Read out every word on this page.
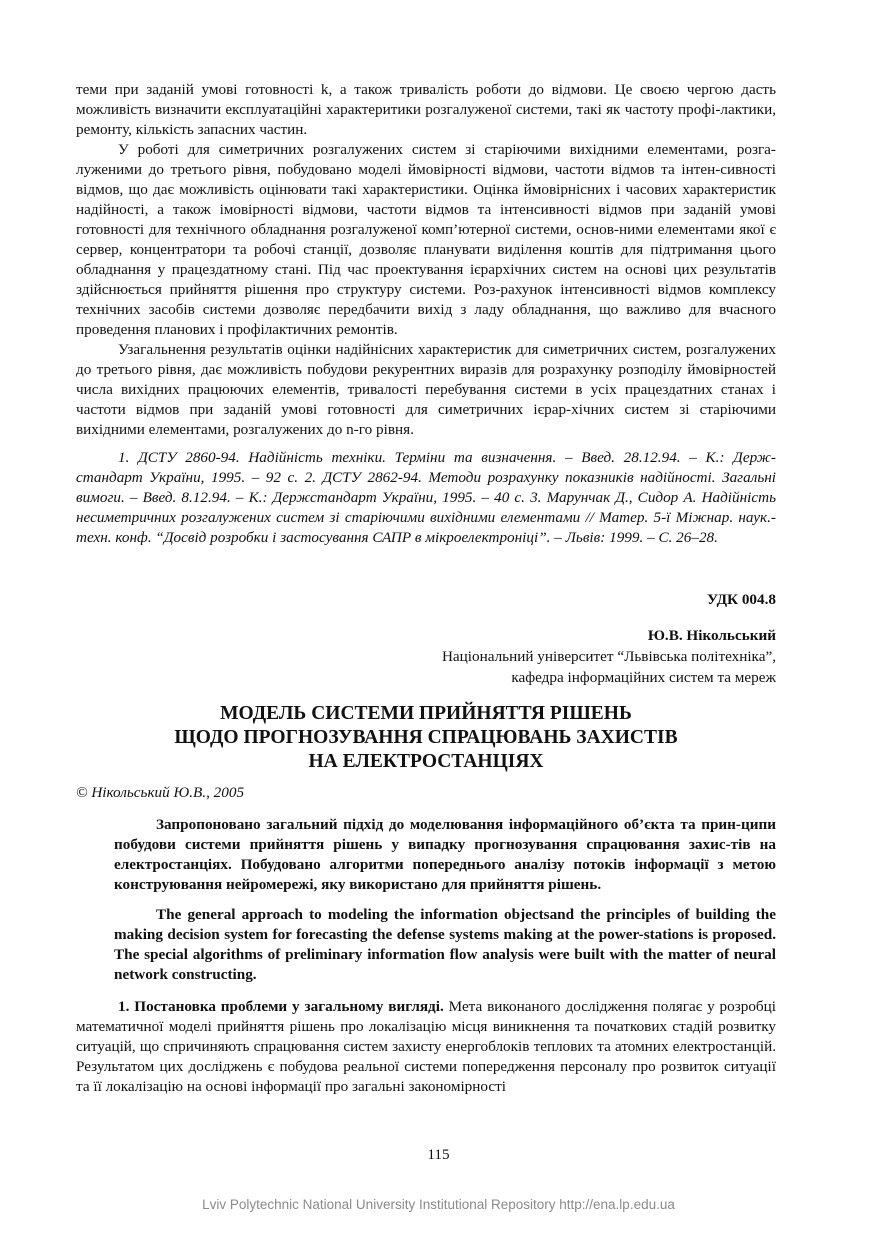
теми при заданій умові готовності k, а також тривалість роботи до відмови. Це своєю чергою дасть можливість визначити експлуатаційні характеритики розгалуженої системи, такі як частоту профі-лактики, ремонту, кількість запасних частин.

У роботі для симетричних розгалужених систем зі старіючими вихідними елементами, розга-луженими до третього рівня, побудовано моделі ймовірності відмови, частоти відмов та інтен-сивності відмов, що дає можливість оцінювати такі характеристики. Оцінка ймовірнісних і часових характеристик надійності, а також імовірності відмови, частоти відмов та інтенсивності відмов при заданій умові готовності для технічного обладнання розгалуженої комп’ютерної системи, основ-ними елементами якої є сервер, концентратори та робочі станції, дозволяє планувати виділення коштів для підтримання цього обладнання у працездатному стані. Під час проектування ієрархічних систем на основі цих результатів здійснюється прийняття рішення про структуру системи. Роз-рахунок інтенсивності відмов комплексу технічних засобів системи дозволяє передбачити вихід з ладу обладнання, що важливо для вчасного проведення планових і профілактичних ремонтів.

Узагальнення результатів оцінки надійнісних характеристик для симетричних систем, розгалужених до третього рівня, дає можливість побудови рекурентних виразів для розрахунку розподілу ймовірностей числа вихідних працюючих елементів, тривалості перебування системи в усіх працездатних станах і частоти відмов при заданій умові готовності для симетричних ієрар-хічних систем зі старіючими вихідними елементами, розгалужених до n-го рівня.

1. ДСТУ 2860-94. Надійність техніки. Терміни та визначення. – Введ. 28.12.94. – К.: Держ-стандарт України, 1995. – 92 с. 2. ДСТУ 2862-94. Методи розрахунку показників надійності. Загальні вимоги. – Введ. 8.12.94. – К.: Держстандарт України, 1995. – 40 с. 3. Марунчак Д., Сидор А. Надійність несиметричних розгалужених систем зі старіючими вихідними елементами // Матер. 5-ї Міжнар. наук.-техн. конф. “Досвід розробки і застосування САПР в мікроелектроніці”. – Львів: 1999. – С. 26–28.

УДК 004.8
Ю.В. Нікольський
Національний університет “Львівська політехніка”,
кафедра інформаційних систем та мереж
МОДЕЛЬ СИСТЕМИ ПРИЙНЯТТЯ РІШЕНЬ
ЩОДО ПРОГНОЗУВАННЯ СПРАЦЮВАНЬ ЗАХИСТІВ
НА ЕЛЕКТРОСТАНЦІЯХ
© Нікольський Ю.В., 2005

Запропоновано загальний підхід до моделювання інформаційного об’єкта та прин-ципи побудови системи прийняття рішень у випадку прогнозування спрацювання захис-тів на електростанціях. Побудовано алгоритми попереднього аналізу потоків інформації з метою конструювання нейромережі, яку використано для прийняття рішень.

The general approach to modeling the information objectsand the principles of building the making decision system for forecasting the defense systems making at the power-stations is proposed. The special algorithms of preliminary information flow analysis were built with the matter of neural network constructing.

1. Постановка проблеми у загальному вигляді. Мета виконаного дослідження полягає у розробці математичної моделі прийняття рішень про локалізацію місця виникнення та початкових стадій розвитку ситуацій, що спричиняють спрацювання систем захисту енергоблоків теплових та атомних електростанцій. Результатом цих досліджень є побудова реальної системи попередження персоналу про розвиток ситуації та її локалізацію на основі інформації про загальні закономірності

115
Lviv Polytechnic National University Institutional Repository http://ena.lp.edu.ua
